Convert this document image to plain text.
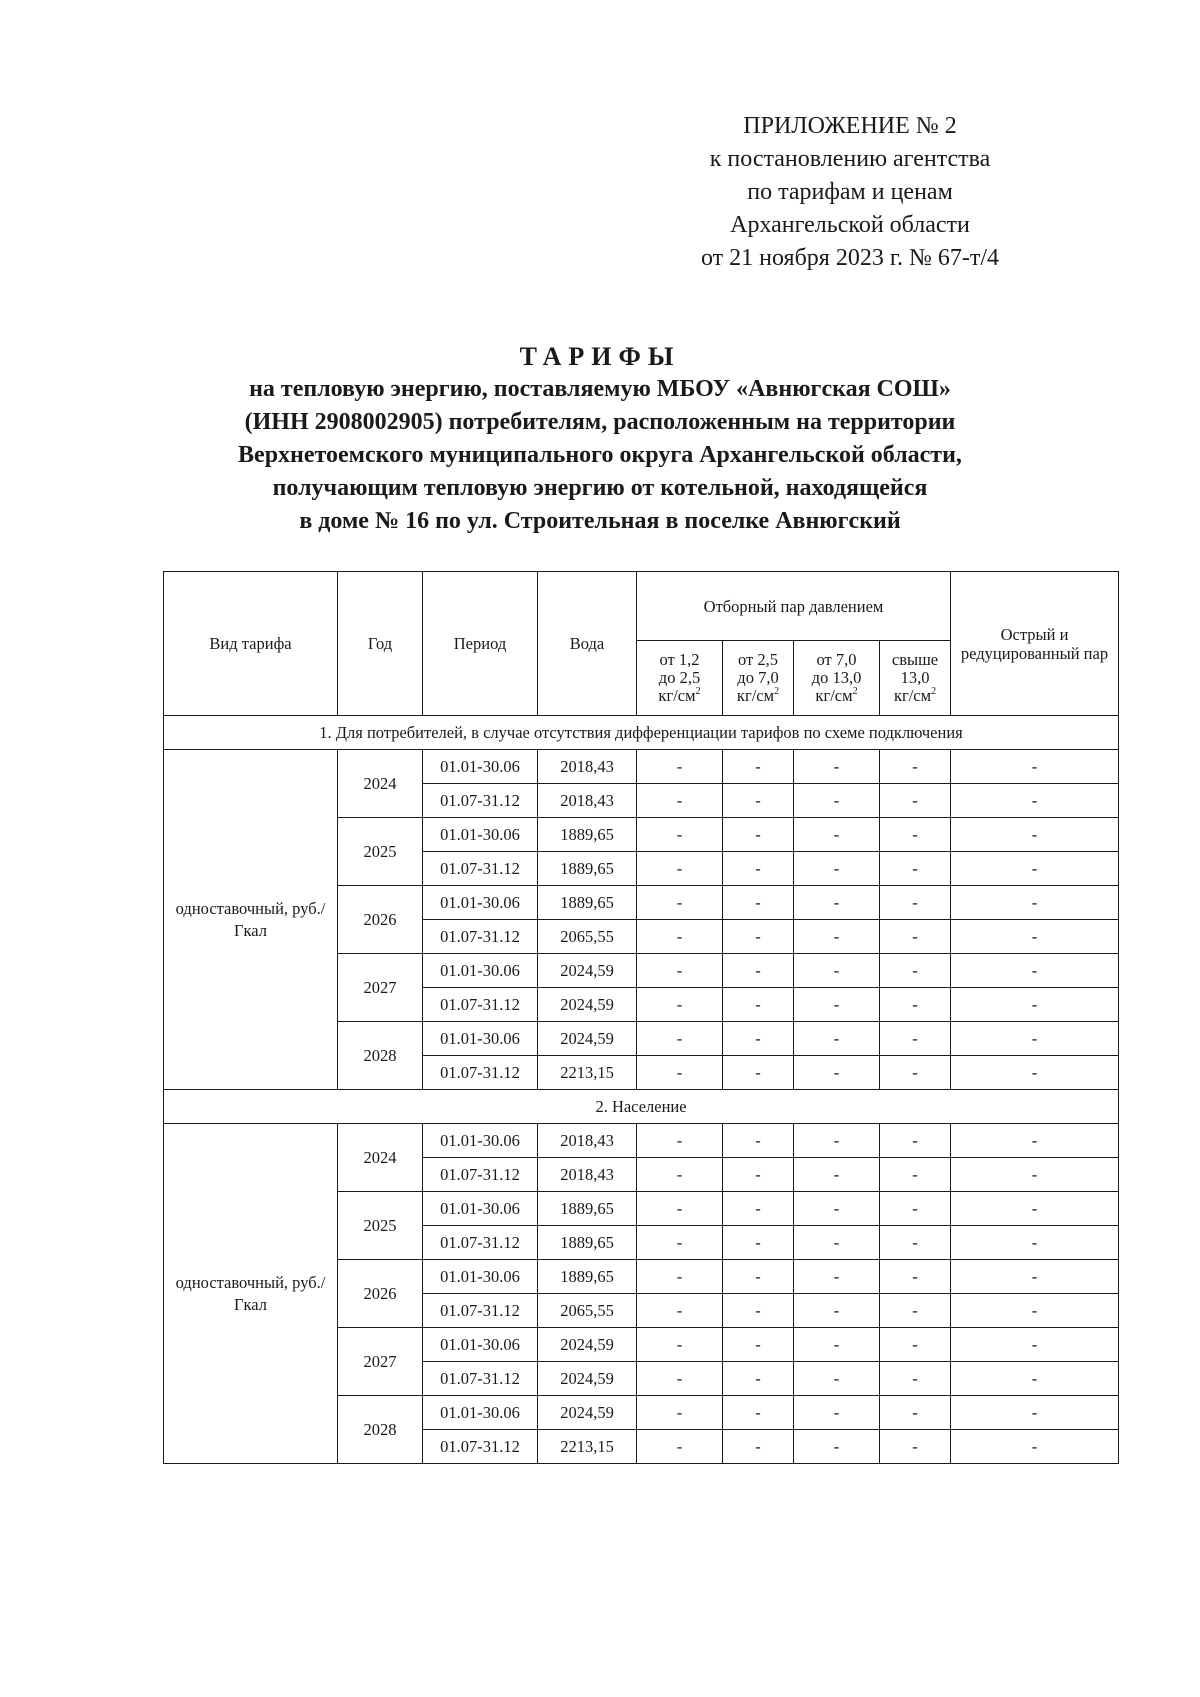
ПРИЛОЖЕНИЕ № 2
к постановлению агентства
по тарифам и ценам
Архангельской области
от 21 ноября 2023 г. № 67-т/4
ТАРИФЫ
на тепловую энергию, поставляемую МБОУ «Авнюгская СОШ»
(ИНН 2908002905) потребителям, расположенным на территории
Верхнетоемского муниципального округа Архангельской области,
получающим тепловую энергию от котельной, находящейся
в доме № 16 по ул. Строительная в поселке Авнюгский
Вид тарифа	Год	Период	Вода	Отборный пар давлением				Острый и редуцированный пар
				от 1,2
до 2,5
$кг/см^2$	от 2,5
до 7,0
$кг/см^2$	от 7,0
до 13,0
$кг/см^2$	свыше
13,0
$кг/см^2$
1. Для потребителей, в случае отсутствия дифференциации тарифов по схеме подключения								
одноставочный, руб./Гкал	2024	01.01-30.06	2018,43	-	-	-	-	-
		01.07-31.12	2018,43	-	-	-	-	-
	2025	01.01-30.06	1889,65	-	-	-	-	-
		01.07-31.12	1889,65	-	-	-	-	-
	2026	01.01-30.06	1889,65	-	-	-	-	-
		01.07-31.12	2065,55	-	-	-	-	-
	2027	01.01-30.06	2024,59	-	-	-	-	-
		01.07-31.12	2024,59	-	-	-	-	-
	2028	01.01-30.06	2024,59	-	-	-	-	-
		01.07-31.12	2213,15	-	-	-	-	-
2. Население								
одноставочный, руб./Гкал	2024	01.01-30.06	2018,43	-	-	-	-	-
		01.07-31.12	2018,43	-	-	-	-	-
	2025	01.01-30.06	1889,65	-	-	-	-	-
		01.07-31.12	1889,65	-	-	-	-	-
	2026	01.01-30.06	1889,65	-	-	-	-	-
		01.07-31.12	2065,55	-	-	-	-	-
	2027	01.01-30.06	2024,59	-	-	-	-	-
		01.07-31.12	2024,59	-	-	-	-	-
	2028	01.01-30.06	2024,59	-	-	-	-	-
		01.07-31.12	2213,15	-	-	-	-	-
